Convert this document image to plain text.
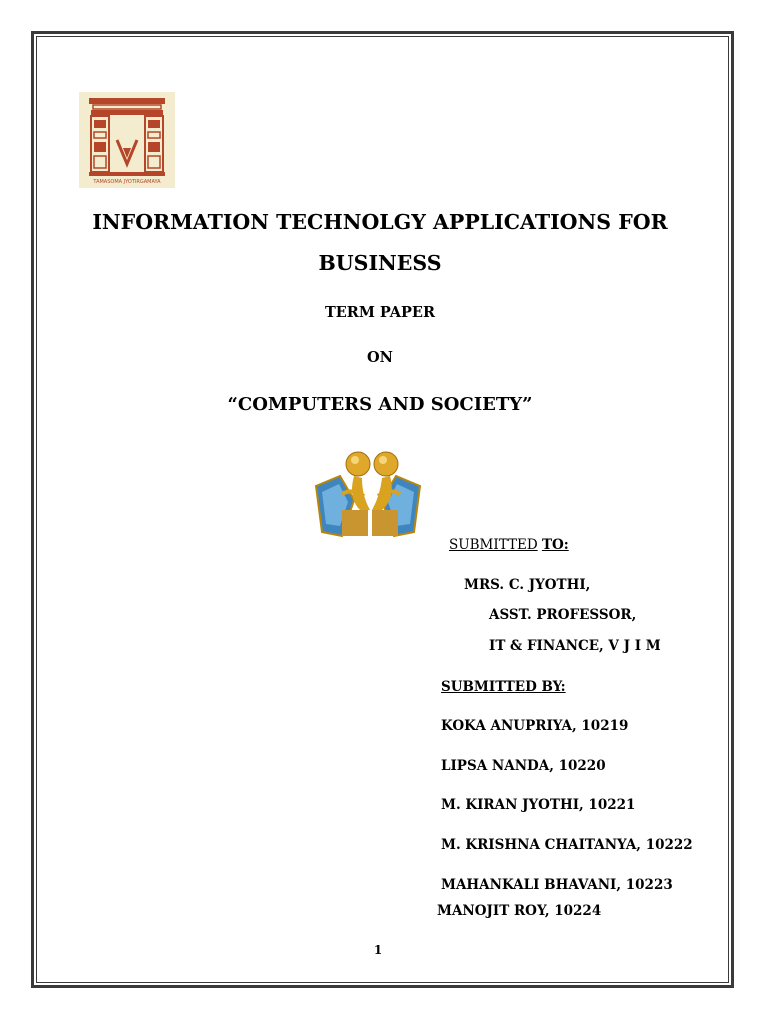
TAMASOMA JYOTIRGAMAYA
INFORMATION TECHNOLGY APPLICATIONS FOR
BUSINESS
TERM PAPER
ON
“COMPUTERS AND SOCIETY”
SUBMITTED TO:
MRS. C. JYOTHI,
ASST. PROFESSOR,
IT & FINANCE, V J I M
SUBMITTED BY:
KOKA ANUPRIYA, 10219
LIPSA NANDA, 10220
M. KIRAN JYOTHI, 10221
M. KRISHNA CHAITANYA, 10222
MAHANKALI BHAVANI, 10223
MANOJIT ROY, 10224
1
